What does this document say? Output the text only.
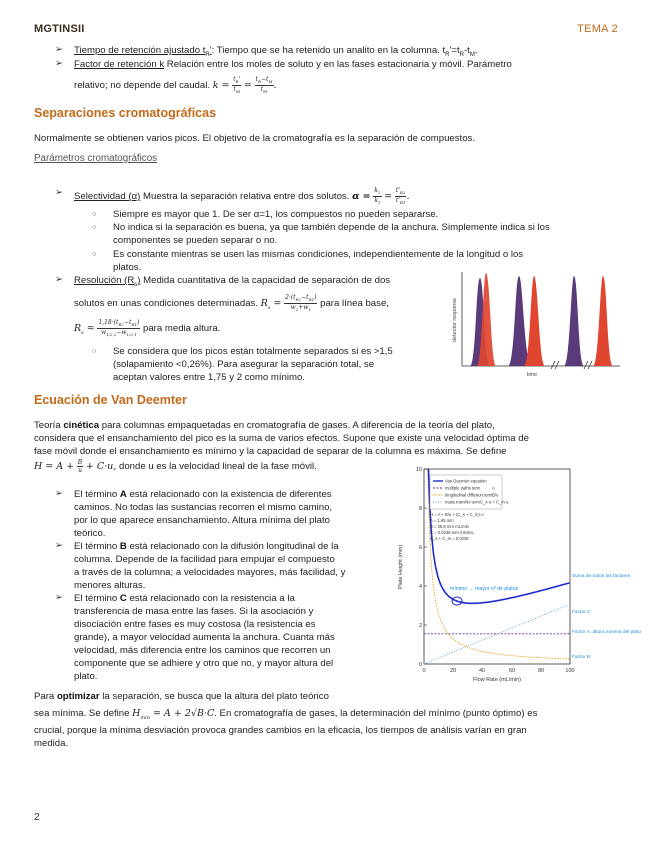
MGTINSII	TEMA 2
➢ Tiempo de retención ajustado $t_R'$: Tiempo que se ha retenido un analito en la columna. $t_R'=t_R-t_M$.
➢ Factor de retención k Relación entre los moles de soluto y en las fases estacionaria y móvil. Parámetro
relativo; no depende del caudal. $k = \frac{t_R'}{t_M} = \frac{t_R-t_M}{t_M}$ .
Separaciones cromatográficas
Normalmente se obtienen varios picos. El objetivo de la cromatografía es la separación de compuestos.
Parámetros cromatográficos
➢ Selectividad (α) Muestra la separación relativa entre dos solutos. $\alpha = \frac{k_2}{k_1} = \frac{t'_{R2}}{t'_{R1}}$ .
○ Siempre es mayor que 1. De ser α=1, los compuestos no pueden separarse.
○ No indica si la separación es buena, ya que también depende de la anchura. Simplemente indica si los
componentes se pueden separar o no.
○ Es constante mientras se usen las mismas condiciones, independientemente de la longitud o los
platos.
➢ Resolución $(R_s)$ Medida cuantitativa de la capacidad de separación de dos
solutos en unas condiciones determinadas. $R_s = \frac{2\cdot(t_{R2}-t_{R1})}{w_2+w_1}$ para línea base,
$R_s = \frac{1,18\cdot(t_{R2}-t_{R1})}{w_{1/2,2}-w_{1/2,1}}$ para media altura.
○ Se considera que los picos están totalmente separados si es >1,5
(solapamiento <0,26%). Para asegurar la separación total, se
aceptan valores entre 1,75 y 2 como mínimo.
detector response
time
Ecuación de Van Deemter
Teoría cinética para columnas empaquetadas en cromatografía de gases. A diferencia de la teoría del plato,
considera que el ensanchamiento del pico es la suma de varios efectos. Supone que existe una velocidad óptima de
fase móvil donde el ensanchamiento es mínimo y la capacidad de separar de la columna es máxima. Se define
$H = A + \frac{B}{u} + C\cdot u$, donde u es la velocidad lineal de la fase móvil.
➢ El término A está relacionado con la existencia de diferentes
caminos. No todas las sustancias recorren el mismo camino,
por lo que aparece ensanchamiento. Altura mínima del plato
teórico.
➢ El término B está relacionado con la difusión longitudinal de la
columna. Depende de la facilidad para empujar el compuesto
a través de la columna; a velocidades mayores, más facilidad, y
menores alturas.
➢ El término C está relacionado con la resistencia a la
transferencia de masa entre las fases. Si la asociación y
disociación entre fases es muy costosa (la resistencia es
grande), a mayor velocidad aumenta la anchura. Cuanta más
velocidad, más diferencia entre los caminos que recorren un
componente que se adhiere y otro que no, y mayor altura del
plato.
Para optimizar la separación, se busca que la altura del plato teórico
sea mínima. Se define $H_{min} = A + 2√B\cdot C$. En cromatografía de gases, la determinación del mínimo (punto óptimo) es
crucial, porque la mínima desviación provoca grandes cambios en la eficacia, los tiempos de análisis varían en gran
medida.
0
2
4
6
8
10
0	20	40	60	80	100
Plate Height (mm)
Flow Rate (mL/min)
mínimo → mayor nº de platos
Van Deemter equation
multiple paths term	A
longitudinal diffusion term B/u
mass transfer term C_s·u + C_m·u
H = A + B/u + (C_s + C_m)·u
A = 1.65 mm
B = 25.8 mm·mL/min
C = 0.0236 mm·min/mL
C_s + C_m = 0.0236
Suma de todos los factores
Factor C
Factor A: altura mínima del plato
Factor B
2
